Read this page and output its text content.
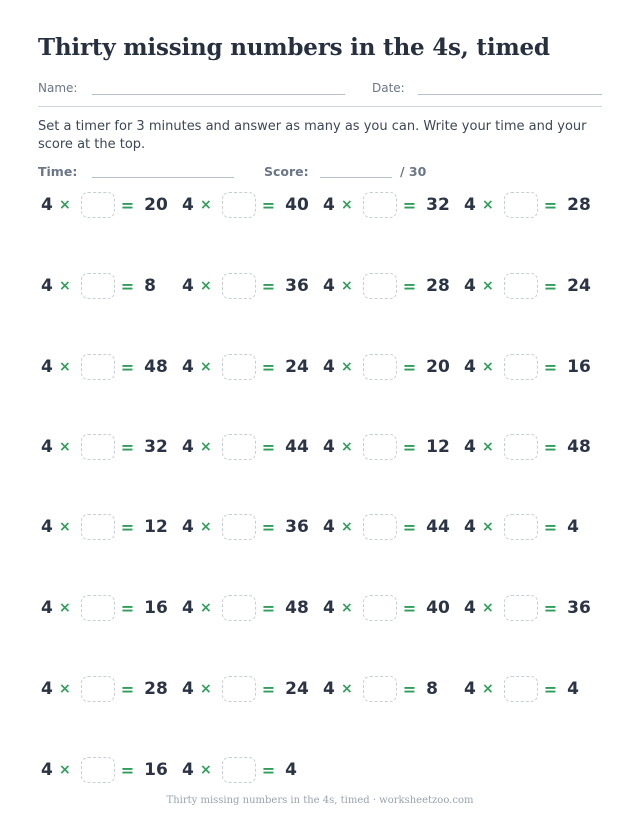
Thirty missing numbers in the 4s, timed
Name:	Date:

Set a timer for 3 minutes and answer as many as you can. Write your time and your score at the top.

Time:	Score:	/ 30
4 ×	= 20 4 ×	= 40 4 ×	= 32 4 ×	= 28
4 ×	= 8 4 ×	= 36 4 ×	= 28 4 ×	= 24
4 ×	= 48 4 ×	= 24 4 ×	= 20 4 ×	= 16
4 ×	= 32 4 ×	= 44 4 ×	= 12 4 ×	= 48
4 ×	= 12 4 ×	= 36 4 ×	= 44 4 ×	= 4
4 ×	= 16 4 ×	= 48 4 ×	= 40 4 ×	= 36
4 ×	= 28 4 ×	= 24 4 ×	= 8 4 ×	= 4
4 ×	= 16 4 ×	= 4
Thirty missing numbers in the 4s, timed · worksheetzoo.com
